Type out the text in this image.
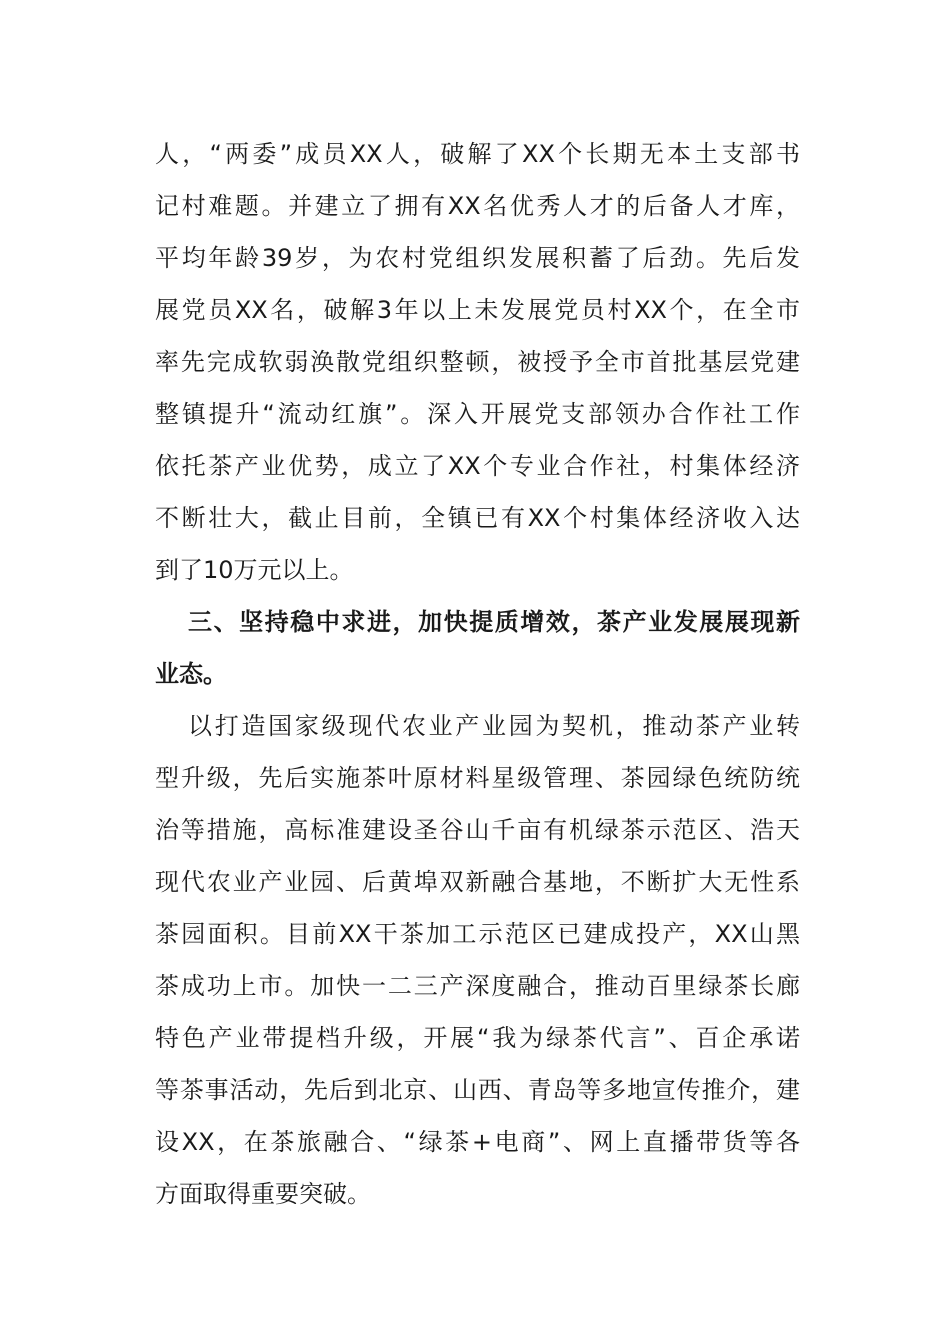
人，“两委”成员XX人，破解了XX个长期无本土支部书
记村难题。并建立了拥有XX名优秀人才的后备人才库，
平均年龄39岁，为农村党组织发展积蓄了后劲。先后发
展党员XX名，破解3年以上未发展党员村XX个，在全市
率先完成软弱涣散党组织整顿，被授予全市首批基层党建
整镇提升“流动红旗”。深入开展党支部领办合作社工作
依托茶产业优势，成立了XX个专业合作社，村集体经济
不断壮大，截止目前，全镇已有XX个村集体经济收入达
到了10万元以上。
三、坚持稳中求进，加快提质增效，茶产业发展展现新
业态。
以打造国家级现代农业产业园为契机，推动茶产业转
型升级，先后实施茶叶原材料星级管理、茶园绿色统防统
治等措施，高标准建设圣谷山千亩有机绿茶示范区、浩天
现代农业产业园、后黄埠双新融合基地，不断扩大无性系
茶园面积。目前XX干茶加工示范区已建成投产，XX山黑
茶成功上市。加快一二三产深度融合，推动百里绿茶长廊
特色产业带提档升级，开展“我为绿茶代言”、百企承诺
等茶事活动，先后到北京、山西、青岛等多地宣传推介，建
设XX，在茶旅融合、“绿茶+电商”、网上直播带货等各
方面取得重要突破。
